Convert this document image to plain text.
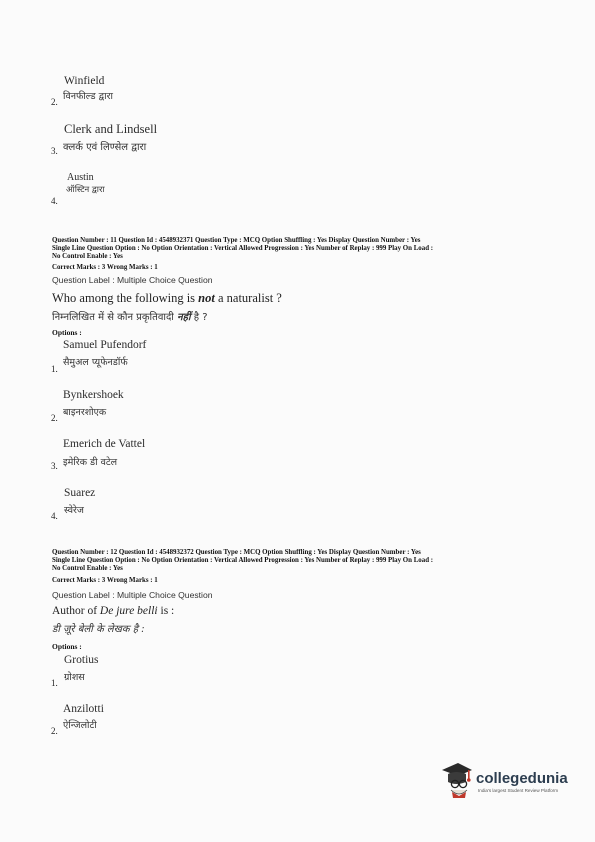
Winfield
2. विनफील्ड द्वारा
Clerk and Lindsell
3. क्लर्क एवं लिण्सेल द्वारा
Austin
ऑस्टिन द्वारा
4.
Question Number : 11 Question Id : 4548932371 Question Type : MCQ Option Shuffling : Yes Display Question Number : Yes
Single Line Question Option : No Option Orientation : Vertical Allowed Progression : Yes Number of Replay : 999 Play On Load :
No Control Enable : Yes
Correct Marks : 3 Wrong Marks : 1
Question Label : Multiple Choice Question
Who among the following is not a naturalist ?
निम्नलिखित में से कौन प्रकृतिवादी नहीं है ?
Options :
Samuel Pufendorf
सैमुअल प्यूफेनडॉर्फ
1.
Bynkershoek
बाइनरशोएक
2.
Emerich de Vattel
इमेरिक डी वटेल
3.
Suarez
स्वेरेज
4.
Question Number : 12 Question Id : 4548932372 Question Type : MCQ Option Shuffling : Yes Display Question Number : Yes
Single Line Question Option : No Option Orientation : Vertical Allowed Progression : Yes Number of Replay : 999 Play On Load :
No Control Enable : Yes
Correct Marks : 3 Wrong Marks : 1
Question Label : Multiple Choice Question
Author of De jure belli is :
डी ज़ूरे बेली के लेखक है :
Options :
Grotius
ग्रोशस
1.
Anzilotti
ऐन्जिलोटी
2.
collegedunia
India's largest Student Review Platform
